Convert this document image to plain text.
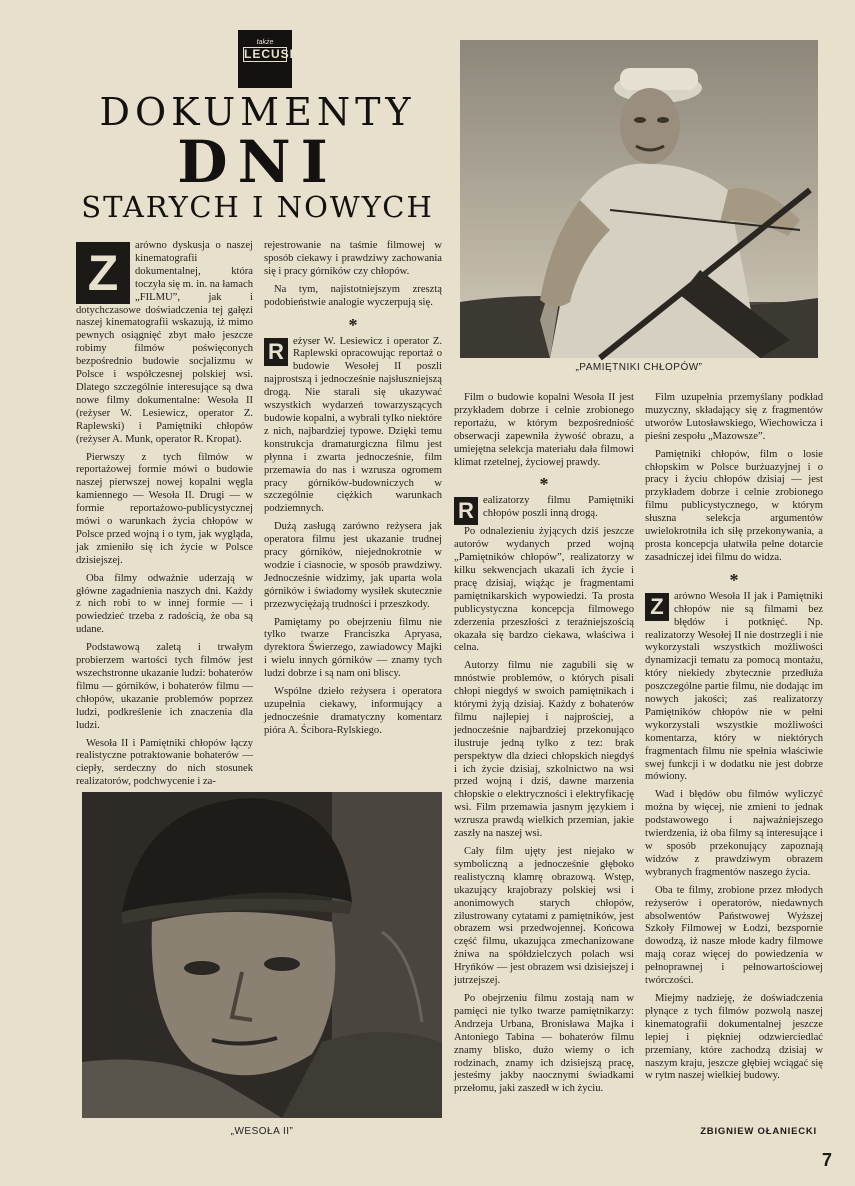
także
LECUSIE
DOKUMENTY
DNI
STARYCH I NOWYCH
„PAMIĘTNIKI CHŁOPÓW”
Z	arówno dyskusja o naszej kinematografii dokumentalnej, która toczyła się m. in. na łamach „FILMU”, jak i dotychczasowe doświadczenia tej gałęzi naszej kinematografii wskazują, iż mimo pewnych osiągnięć zbyt mało jeszcze robimy filmów poświęconych bezpośrednio budowie socjalizmu w Polsce i współczesnej polskiej wsi. Dlatego szczególnie interesujące są dwa nowe filmy dokumentalne: Wesoła II (reżyser W. Lesiewicz, operator Z. Raplewski) i Pamiętniki chłopów (reżyser A. Munk, operator R. Kropat).

Pierwszy z tych filmów w reportażowej formie mówi o budowie naszej pierwszej nowej kopalni węgla kamiennego — Wesoła II. Drugi — w formie reportażowo-publicystycznej mówi o warunkach życia chłopów w Polsce przed wojną i o tym, jak wygląda, jak zmieniło się ich życie w Polsce dzisiejszej.

Oba filmy odważnie uderzają w główne zagadnienia naszych dni. Każdy z nich robi to w innej formie — i powiedzieć trzeba z radością, że oba są udane.

Podstawową zaletą i trwałym probierzem wartości tych filmów jest wszechstronne ukazanie ludzi: bohaterów filmu — górników, i bohaterów filmu — chłopów, ukazanie problemów poprzez ludzi, podkreślenie ich znaczenia dla ludzi.

Wesoła II i Pamiętniki chłopów łączy realistyczne potraktowanie bohaterów — ciepły, serdeczny do nich stosunek realizatorów, podchwycenie i za-

rejestrowanie na taśmie filmowej w sposób ciekawy i prawdziwy zachowania się i pracy górników czy chłopów.

Na tym, najistotniejszym zresztą podobieństwie analogie wyczerpują się.

*
R eżyser W. Lesiewicz i operator Z. Raplewski opracowując reportaż o budowie Wesołej II poszli najprostszą i jednocześnie najsłuszniejszą drogą. Nie starali się ukazywać wszystkich wydarzeń towarzyszących budowie kopalni, a wybrali tylko niektóre z nich, najbardziej typowe. Dzięki temu konstrukcja dramaturgiczna filmu jest płynna i zwarta jednocześnie, film przemawia do nas i wzrusza ogromem pracy górników-budowniczych w szczególnie ciężkich warunkach podziemnych.

Dużą zasługą zarówno reżysera jak operatora filmu jest ukazanie trudnej pracy górników, niejednokrotnie w wodzie i ciasnocie, w sposób prawdziwy. Jednocześnie widzimy, jak uparta wola górników i świadomy wysiłek skutecznie przezwyciężają trudności i przeszkody.

Pamiętamy po obejrzeniu filmu nie tylko twarze Franciszka Apryasa, dyrektora Świerzego, zawiadowcy Majki i wielu innych górników — znamy tych ludzi dobrze i są nam oni bliscy.

Wspólne dzieło reżysera i operatora uzupełnia ciekawy, informujący a jednocześnie dramatyczny komentarz pióra A. Ścibora-Rylskiego.

„WESOŁA II”

Film o budowie kopalni Wesoła II jest przykładem dobrze i celnie zrobionego reportażu, w którym bezpośredniość obserwacji zapewniła żywość obrazu, a umiejętna selekcja materiału dała filmowi klimat rzetelnej, życiowej prawdy.

*
R ealizatorzy filmu Pamiętniki chłopów poszli inną drogą.

Po odnalezieniu żyjących dziś jeszcze autorów wydanych przed wojną „Pamiętników chłopów”, realizatorzy w kilku sekwencjach ukazali ich życie i pracę dzisiaj, wiążąc je fragmentami pamiętnikarskich wypowiedzi. Ta prosta publicystyczna koncepcja filmowego zderzenia przeszłości z teraźniejszością okazała się bardzo ciekawa, właściwa i celna.

Autorzy filmu nie zagubili się w mnóstwie problemów, o których pisali chłopi niegdyś w swoich pamiętnikach i którymi żyją dzisiaj. Każdy z bohaterów filmu najlepiej i najprościej, a jednocześnie najbardziej przekonująco ilustruje jedną tylko z tez: brak perspektyw dla dzieci chłopskich niegdyś i ich życie dzisiaj, szkolnictwo na wsi przed wojną i dziś, dawne marzenia chłopskie o elektryczności i elektryfikację wsi. Film przemawia jasnym językiem i wzrusza prawdą wielkich przemian, jakie zaszły na naszej wsi.

Cały film ujęty jest niejako w symboliczną a jednocześnie głęboko realistyczną klamrę obrazową. Wstęp, ukazujący krajobrazy polskiej wsi i anonimowych starych chłopów, zilustrowany cytatami z pamiętników, jest obrazem wsi przedwojennej. Końcowa część filmu, ukazująca zmechanizowane żniwa na spółdzielczych polach wsi Hryńków — jest obrazem wsi dzisiejszej i jutrzejszej.

Po obejrzeniu filmu zostają nam w pamięci nie tylko twarze pamiętnikarzy: Andrzeja Urbana, Bronisława Majka i Antoniego Tabina — bohaterów filmu znamy blisko, dużo wiemy o ich rodzinach, znamy ich dzisiejszą pracę, jesteśmy jakby naocznymi świadkami przełomu, jaki zaszedł w ich życiu.

Film uzupełnia przemyślany podkład muzyczny, składający się z fragmentów utworów Lutosławskiego, Wiechowicza i pieśni zespołu „Mazowsze”.

Pamiętniki chłopów, film o losie chłopskim w Polsce burżuazyjnej i o pracy i życiu chłopów dzisiaj — jest przykładem dobrze i celnie zrobionego filmu publicystycznego, w którym słuszna selekcja argumentów uwielokrotniła ich siłę przekonywania, a prosta koncepcja ułatwiła pełne dotarcie zasadniczej idei filmu do widza.

*
Z arówno Wesoła II jak i Pamiętniki chłopów nie są filmami bez błędów i potknięć. Np. realizatorzy Wesołej II nie dostrzegli i nie wykorzystali wszystkich możliwości dynamizacji tematu za pomocą montażu, który niekiedy zbytecznie przedłuża poszczególne partie filmu, nie dodając im nowych jakości; zaś realizatorzy Pamiętników chłopów nie w pełni wykorzystali wszystkie możliwości komentarza, który w niektórych fragmentach filmu nie spełnia właściwie swej funkcji i w dodatku nie jest dobrze mówiony.

Wad i błędów obu filmów wyliczyć można by więcej, nie zmieni to jednak podstawowego i najważniejszego twierdzenia, iż oba filmy są interesujące i w sposób przekonujący zapoznają widzów z prawdziwym obrazem wybranych fragmentów naszego życia.

Oba te filmy, zrobione przez młodych reżyserów i operatorów, niedawnych absolwentów Państwowej Wyższej Szkoły Filmowej w Łodzi, bezspornie dowodzą, iż nasze młode kadry filmowe mają coraz więcej do powiedzenia w pełnoprawnej i pełnowartościowej twórczości.

Miejmy nadzieję, że doświadczenia płynące z tych filmów pozwolą naszej kinematografii dokumentalnej jeszcze lepiej i piękniej odzwierciedlać przemiany, które zachodzą dzisiaj w naszym kraju, jeszcze głębiej wciągać się w rytm naszej wielkiej budowy.

ZBIGNIEW OŁANIECKI
7
